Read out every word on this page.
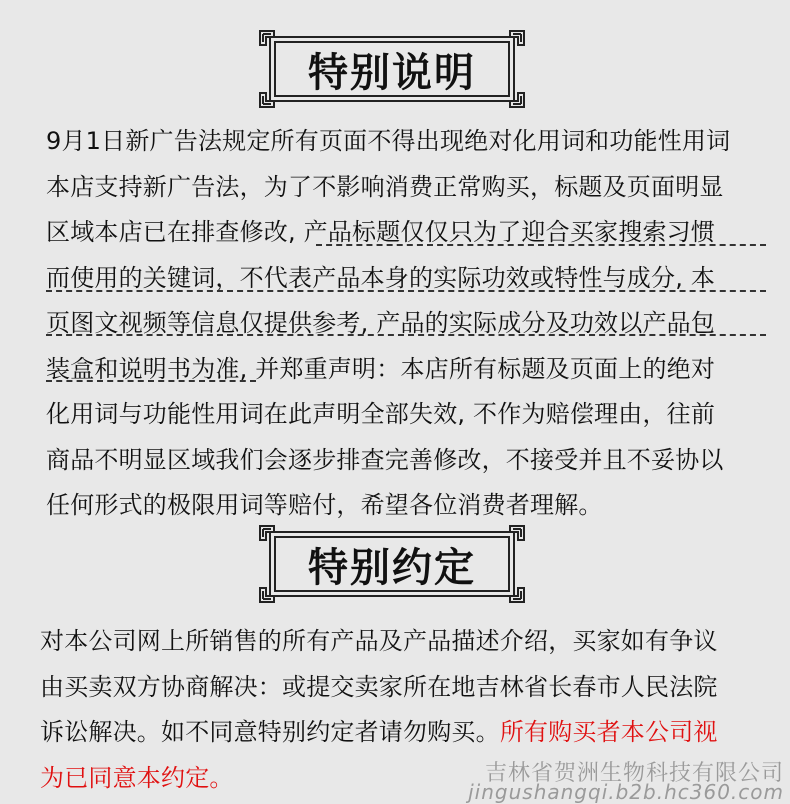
特别说明
9月1日新广告法规定所有页面不得出现绝对化用词和功能性用词
本店支持新广告法，为了不影响消费正常购买，标题及页面明显
区域本店已在排查修改, 产品标题仅仅只为了迎合买家搜索习惯
而使用的关键词，不代表产品本身的实际功效或特性与成分, 本
页图文视频等信息仅提供参考, 产品的实际成分及功效以产品包
装盒和说明书为准, 并郑重声明：本店所有标题及页面上的绝对
化用词与功能性用词在此声明全部失效, 不作为赔偿理由，往前
商品不明显区域我们会逐步排查完善修改，不接受并且不妥协以
任何形式的极限用词等赔付，希望各位消费者理解。
特别约定
对本公司网上所销售的所有产品及产品描述介绍，买家如有争议
由买卖双方协商解决：或提交卖家所在地吉林省长春市人民法院
诉讼解决。如不同意特别约定者请勿购买。所有购买者本公司视
为已同意本约定。	吉林省贺洲生物科技有限公司
jingushangqi.b2b.hc360.com
